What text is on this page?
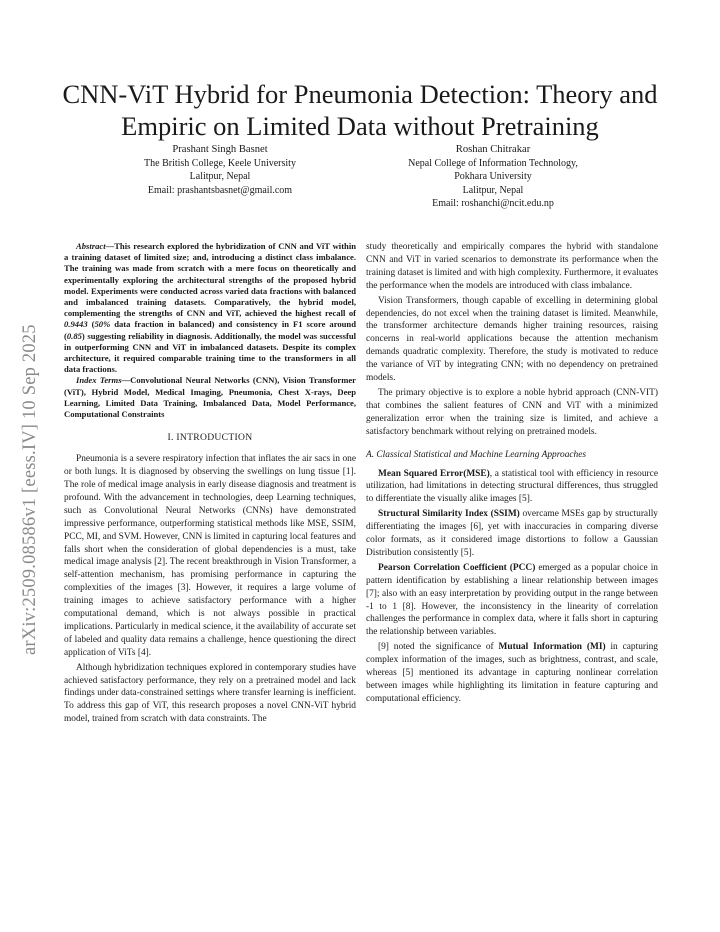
CNN-ViT Hybrid for Pneumonia Detection: Theory and Empiric on Limited Data without Pretraining
Prashant Singh Basnet
The British College, Keele University
Lalitpur, Nepal
Email: prashantsbasnet@gmail.com
Roshan Chitrakar
Nepal College of Information Technology,
Pokhara University
Lalitpur, Nepal
Email: roshanchi@ncit.edu.np
arXiv:2509.08586v1 [eess.IV] 10 Sep 2025

Abstract—This research explored the hybridization of CNN and ViT within a training dataset of limited size; and, introducing a distinct class imbalance. The training was made from scratch with a mere focus on theoretically and experimentally exploring the architectural strengths of the proposed hybrid model. Experiments were conducted across varied data fractions with balanced and imbalanced training datasets. Comparatively, the hybrid model, complementing the strengths of CNN and ViT, achieved the highest recall of 0.9443 (50% data fraction in balanced) and consistency in F1 score around (0.85) suggesting reliability in diagnosis. Additionally, the model was successful in outperforming CNN and ViT in imbalanced datasets. Despite its complex architecture, it required comparable training time to the transformers in all data fractions.

Index Terms—Convolutional Neural Networks (CNN), Vision Transformer (ViT), Hybrid Model, Medical Imaging, Pneumonia, Chest X-rays, Deep Learning, Limited Data Training, Imbalanced Data, Model Performance, Computational Constraints

I. INTRODUCTION

Pneumonia is a severe respiratory infection that inflates the air sacs in one or both lungs. It is diagnosed by observing the swellings on lung tissue [1]. The role of medical image analysis in early disease diagnosis and treatment is profound. With the advancement in technologies, deep Learning techniques, such as Convolutional Neural Networks (CNNs) have demonstrated impressive performance, outperforming statistical methods like MSE, SSIM, PCC, MI, and SVM. However, CNN is limited in capturing local features and falls short when the consideration of global dependencies is a must, take medical image analysis [2]. The recent breakthrough in Vision Transformer, a self-attention mechanism, has promising performance in capturing the complexities of the images [3]. However, it requires a large volume of training images to achieve satisfactory performance with a higher computational demand, which is not always possible in practical implications. Particularly in medical science, it the availability of accurate set of labeled and quality data remains a challenge, hence questioning the direct application of ViTs [4].

Although hybridization techniques explored in contemporary studies have achieved satisfactory performance, they rely on a pretrained model and lack findings under data-constrained settings where transfer learning is inefficient. To address this gap of ViT, this research proposes a novel CNN-ViT hybrid model, trained from scratch with data constraints. The

study theoretically and empirically compares the hybrid with standalone CNN and ViT in varied scenarios to demonstrate its performance when the training dataset is limited and with high complexity. Furthermore, it evaluates the performance when the models are introduced with class imbalance.

Vision Transformers, though capable of excelling in determining global dependencies, do not excel when the training dataset is limited. Meanwhile, the transformer architecture demands higher training resources, raising concerns in real-world applications because the attention mechanism demands quadratic complexity. Therefore, the study is motivated to reduce the variance of ViT by integrating CNN; with no dependency on pretrained models.

The primary objective is to explore a noble hybrid approach (CNN-VIT) that combines the salient features of CNN and ViT with a minimized generalization error when the training size is limited, and achieve a satisfactory benchmark without relying on pretrained models.

A. Classical Statistical and Machine Learning Approaches

Mean Squared Error(MSE), a statistical tool with efficiency in resource utilization, had limitations in detecting structural differences, thus struggled to differentiate the visually alike images [5].

Structural Similarity Index (SSIM) overcame MSEs gap by structurally differentiating the images [6], yet with inaccuracies in comparing diverse color formats, as it considered image distortions to follow a Gaussian Distribution consistently [5].

Pearson Correlation Coefficient (PCC) emerged as a popular choice in pattern identification by establishing a linear relationship between images [7]; also with an easy interpretation by providing output in the range between -1 to 1 [8]. However, the inconsistency in the linearity of correlation challenges the performance in complex data, where it falls short in capturing the relationship between variables.

[9] noted the significance of Mutual Information (MI) in capturing complex information of the images, such as brightness, contrast, and scale, whereas [5] mentioned its advantage in capturing nonlinear correlation between images while highlighting its limitation in feature capturing and computational efficiency.
